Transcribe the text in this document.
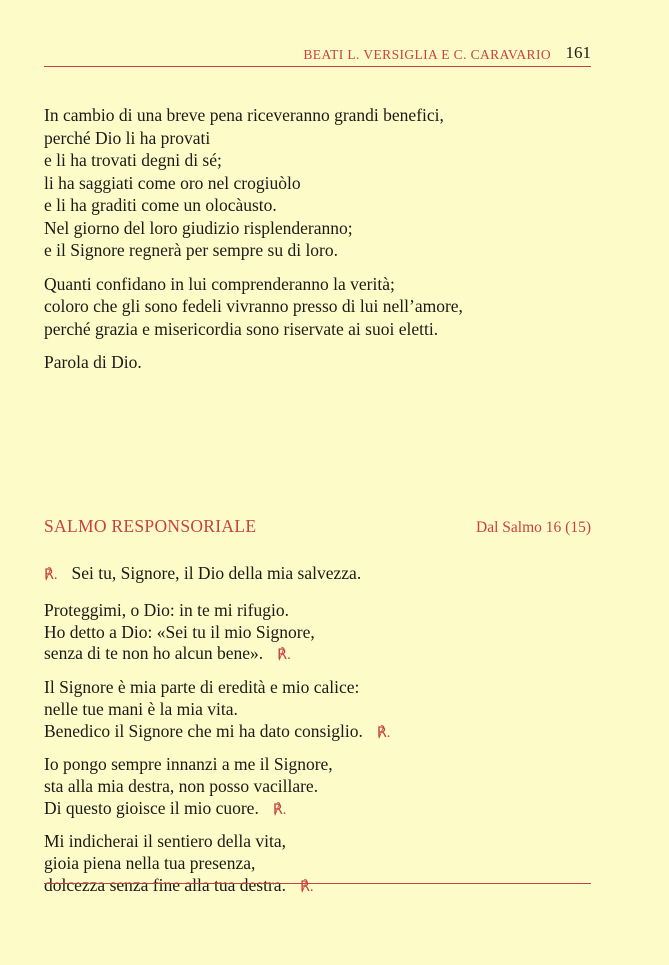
BEATI L. VERSIGLIA E C. CARAVARIO 161

In cambio di una breve pena riceveranno grandi benefici,
perché Dio li ha provati
e li ha trovati degni di sé;
li ha saggiati come oro nel crogiuòlo
e li ha graditi come un olocàusto.
Nel giorno del loro giudizio risplenderanno;
e il Signore regnerà per sempre su di loro.

Quanti confidano in lui comprenderanno la verità;
coloro che gli sono fedeli vivranno presso di lui nell’amore,
perché grazia e misericordia sono riservate ai suoi eletti.

Parola di Dio.

SALMO RESPONSORIALE	Dal Salmo 16 (15)
℟. Sei tu, Signore, il Dio della mia salvezza.
Proteggimi, o Dio: in te mi rifugio.
Ho detto a Dio: «Sei tu il mio Signore,
senza di te non ho alcun bene». ℟.
Il Signore è mia parte di eredità e mio calice:
nelle tue mani è la mia vita.
Benedico il Signore che mi ha dato consiglio. ℟.
Io pongo sempre innanzi a me il Signore,
sta alla mia destra, non posso vacillare.
Di questo gioisce il mio cuore. ℟.
Mi indicherai il sentiero della vita,
gioia piena nella tua presenza,
dolcezza senza fine alla tua destra. ℟.
